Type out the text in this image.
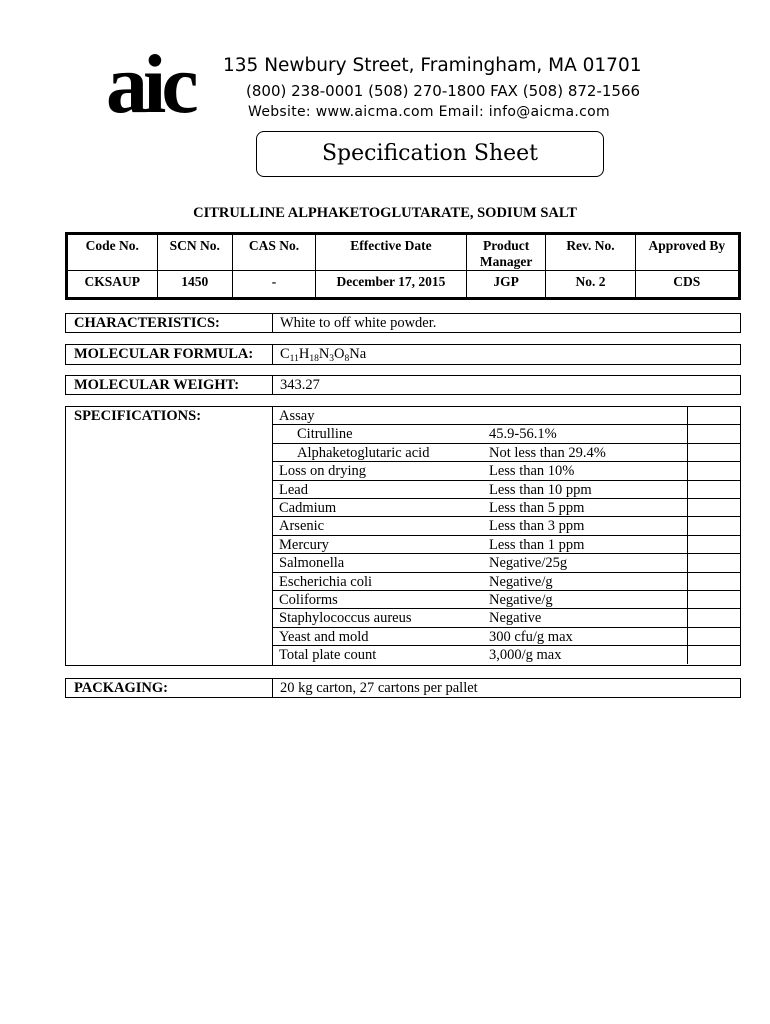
aic	135 Newbury Street, Framingham, MA 01701
(800) 238-0001 (508) 270-1800 FAX (508) 872-1566
Website: www.aicma.com Email: info@aicma.com
Specification Sheet
CITRULLINE ALPHAKETOGLUTARATE, SODIUM SALT
Code No.	SCN No.	CAS No.	Effective Date	Product Manager	Rev. No.	Approved By
CKSAUP	1450	-	December 17, 2015	JGP	No. 2	CDS
CHARACTERISTICS:	White to off white powder.
MOLECULAR FORMULA:	$C_{11}H_{18}N_3O_8Na$
MOLECULAR WEIGHT:	343.27
SPECIFICATIONS:	Assay
Citrulline	45.9-56.1%
Alphaketoglutaric acid	Not less than 29.4%
Loss on drying	Less than 10%
Lead	Less than 10 ppm
Cadmium	Less than 5 ppm
Arsenic	Less than 3 ppm
Mercury	Less than 1 ppm
Salmonella	Negative/25g
Escherichia coli	Negative/g
Coliforms	Negative/g
Staphylococcus aureus	Negative
Yeast and mold	300 cfu/g max
Total plate count	3,000/g max
PACKAGING:	20 kg carton, 27 cartons per pallet
